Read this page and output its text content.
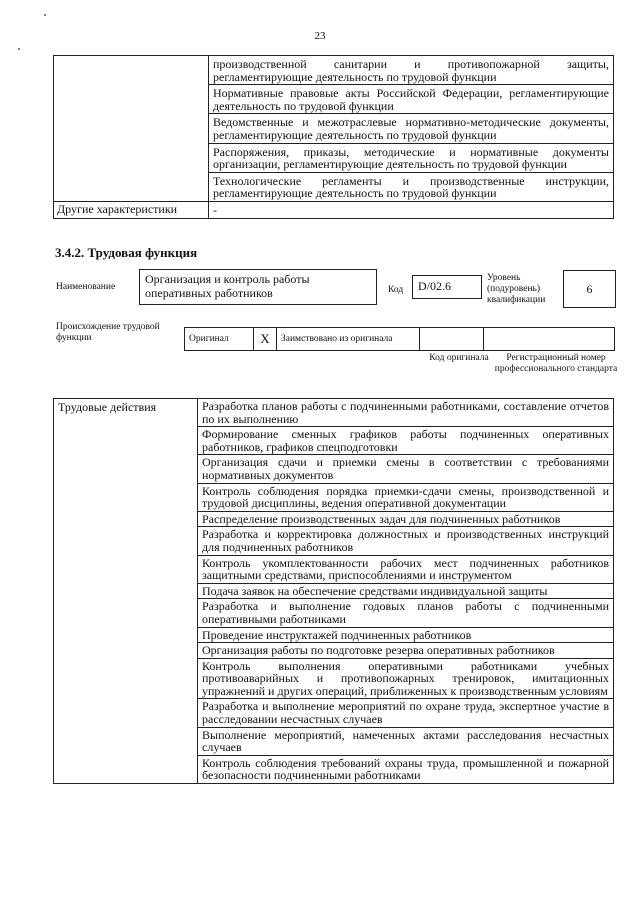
23
	производственной санитарии и противопожарной защиты, регламентирующие деятельность по трудовой функции
	Нормативные правовые акты Российской Федерации, регламентирующие деятельность по трудовой функции
	Ведомственные и межотраслевые нормативно-методические документы, регламентирующие деятельность по трудовой функции
	Распоряжения, приказы, методические и нормативные документы организации, регламентирующие деятельность по трудовой функции
	Технологические регламенты и производственные инструкции, регламентирующие деятельность по трудовой функции
Другие характеристики	-
3.4.2. Трудовая функция
Наименование
Организация и контроль работы оперативных работников	Код	D/02.6
Уровень (подуровень) квалификации
6
Происхождение трудовой функции	Оригинал	X	Заимствовано из оригинала		
Код оригинала	Регистрационный номер профессионального стандарта
Трудовые действия	Разработка планов работы с подчиненными работниками, составление отчетов по их выполнению
Формирование сменных графиков работы подчиненных оперативных работников, графиков спецподготовки
Организация сдачи и приемки смены в соответствии с требованиями нормативных документов
Контроль соблюдения порядка приемки-сдачи смены, производственной и трудовой дисциплины, ведения оперативной документации
Распределение производственных задач для подчиненных работников
Разработка и корректировка должностных и производственных инструкций для подчиненных работников
Контроль укомплектованности рабочих мест подчиненных работников защитными средствами, приспособлениями и инструментом
Подача заявок на обеспечение средствами индивидуальной защиты
Разработка и выполнение годовых планов работы с подчиненными оперативными работниками
Проведение инструктажей подчиненных работников
Организация работы по подготовке резерва оперативных работников
Контроль выполнения оперативными работниками учебных противоаварийных и противопожарных тренировок, имитационных упражнений и других операций, приближенных к производственным условиям
Разработка и выполнение мероприятий по охране труда, экспертное участие в расследовании несчастных случаев
Выполнение мероприятий, намеченных актами расследования несчастных случаев
Контроль соблюдения требований охраны труда, промышленной и пожарной безопасности подчиненными работниками
